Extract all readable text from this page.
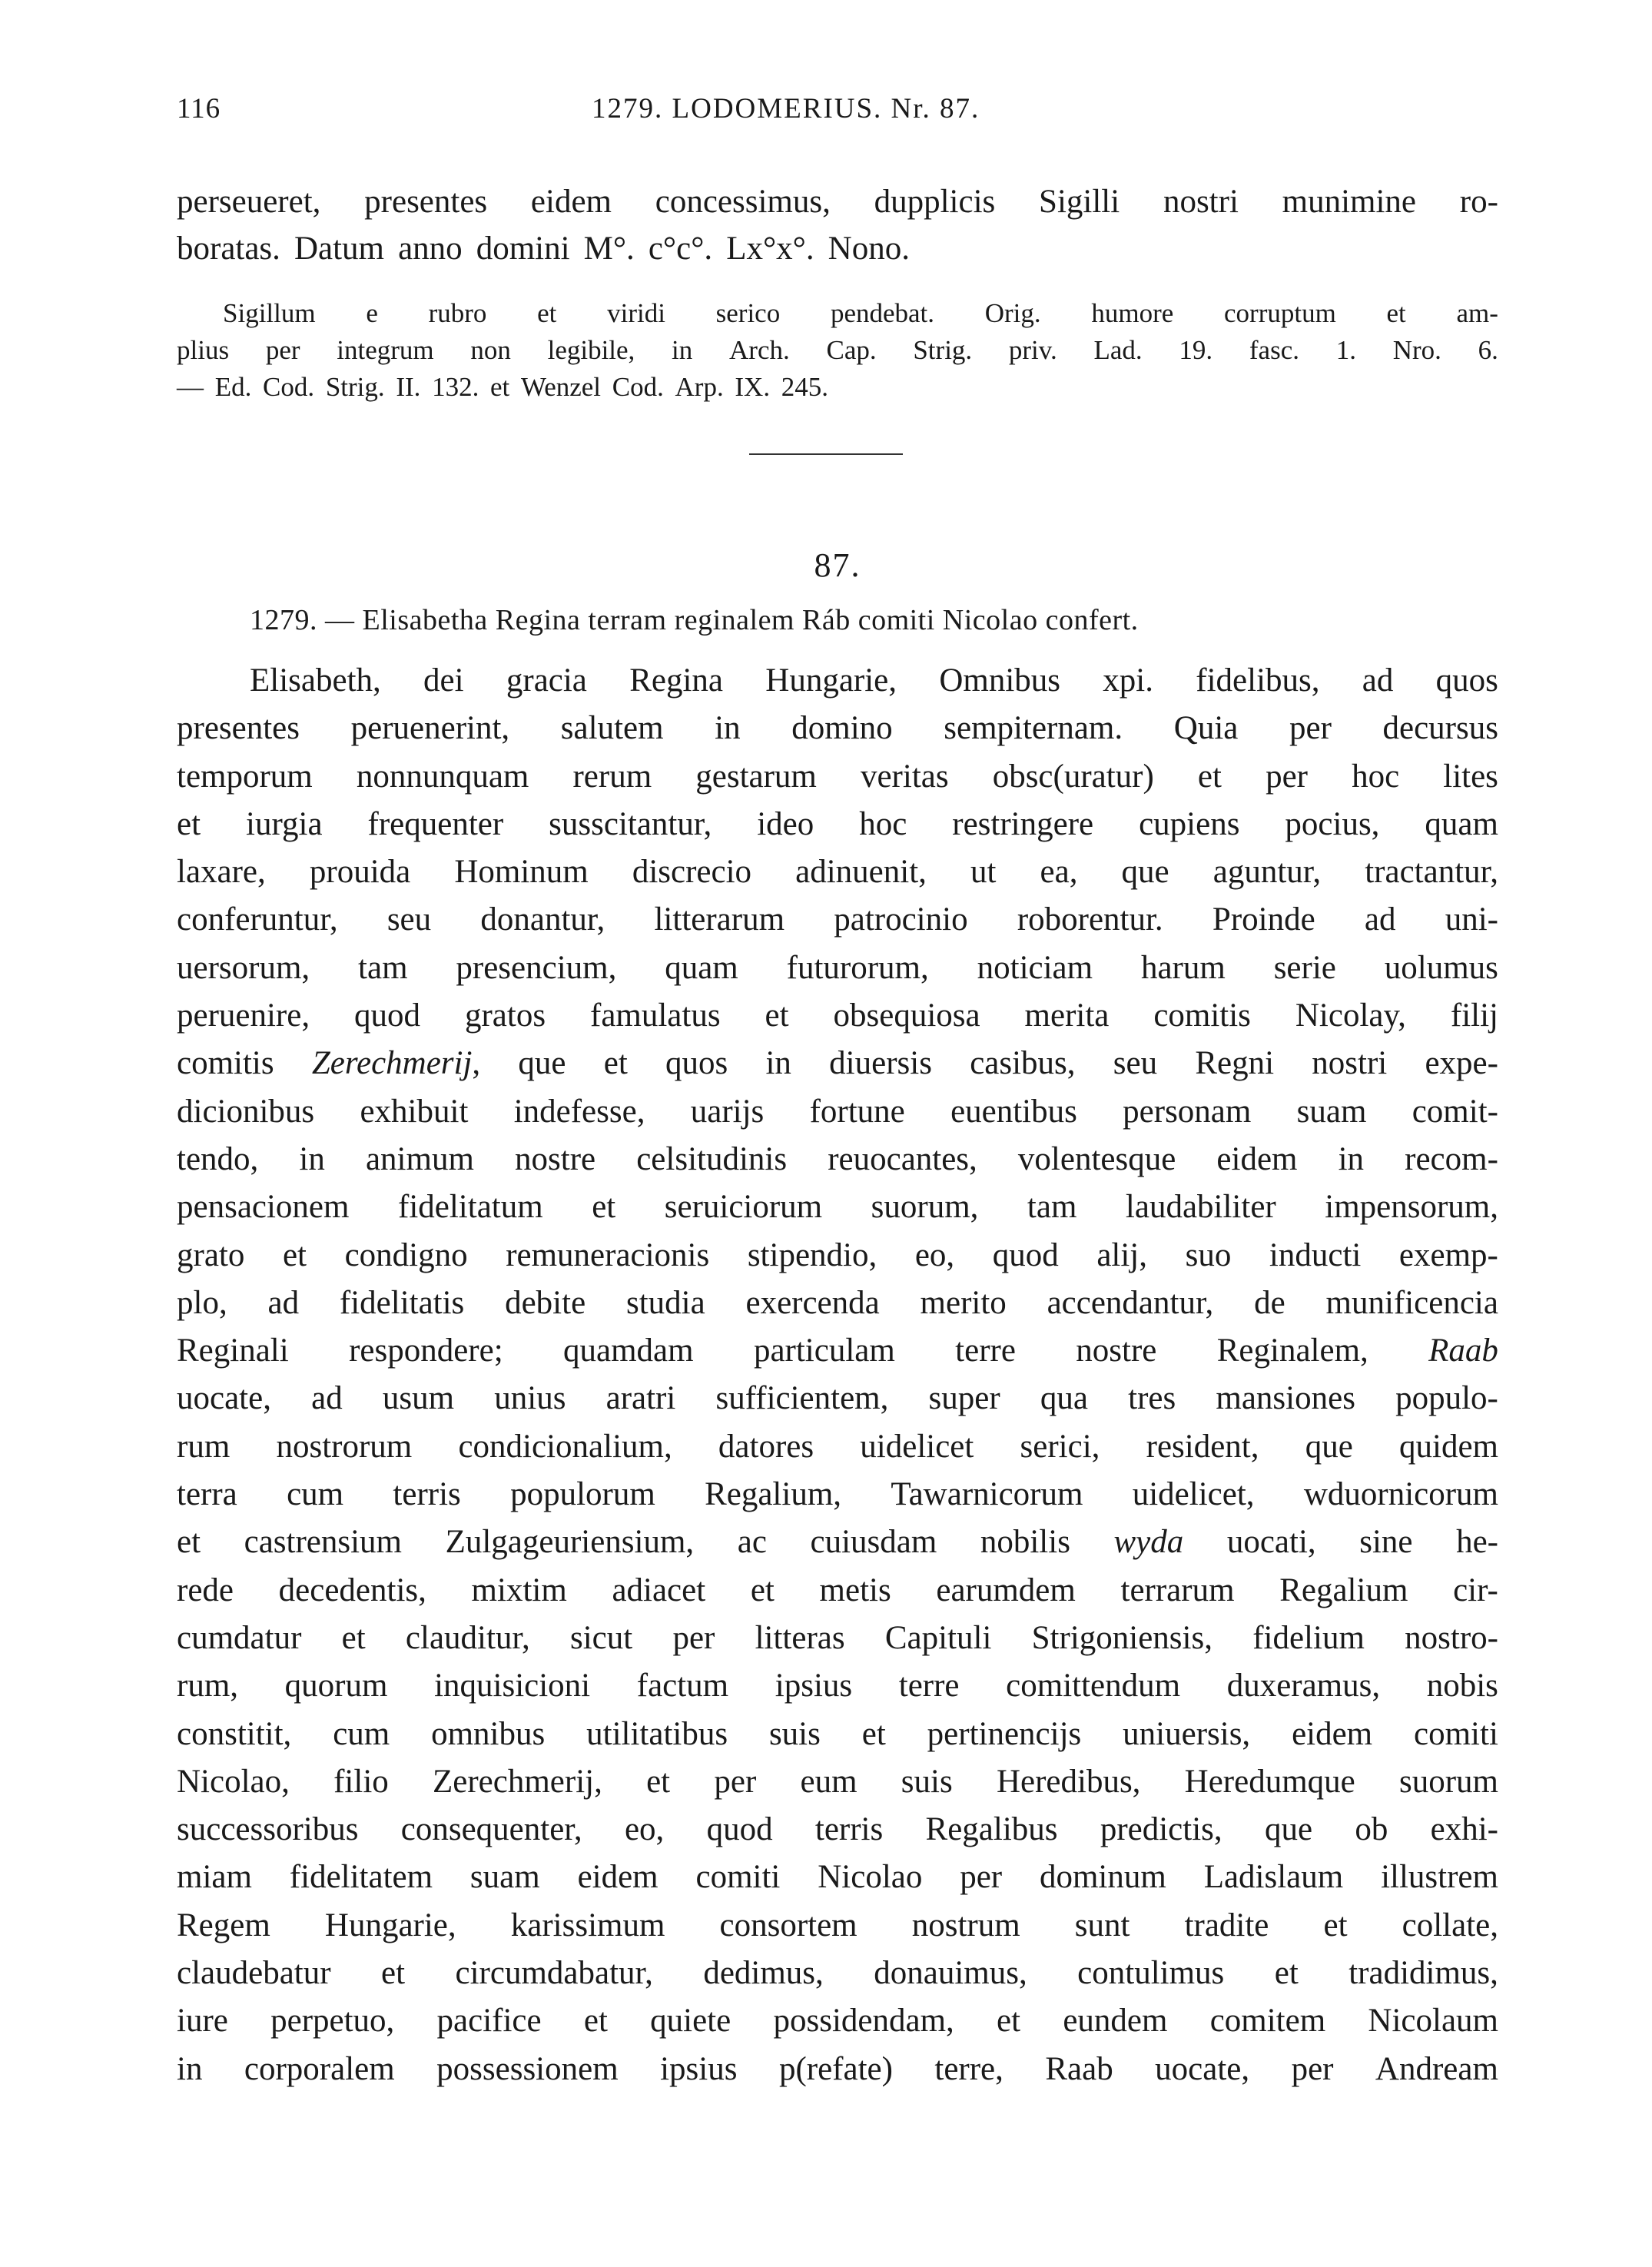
116	1279. LODOMERIUS. Nr. 87.
perseueret, presentes eidem concessimus, dupplicis Sigilli nostri munimine ro-
boratas. Datum anno domini M°. c°c°. Lx°x°. Nono.
Sigillum e rubro et viridi serico pendebat. Orig. humore corruptum et am-
plius per integrum non legibile, in Arch. Cap. Strig. priv. Lad. 19. fasc. 1. Nro. 6.
— Ed. Cod. Strig. II. 132. et Wenzel Cod. Arp. IX. 245.
87.
1279. — Elisabetha Regina terram reginalem Ráb comiti Nicolao confert.
Elisabeth, dei gracia Regina Hungarie, Omnibus xpi. fidelibus, ad quos
presentes peruenerint, salutem in domino sempiternam. Quia per decursus
temporum nonnunquam rerum gestarum veritas obsc(uratur) et per hoc lites
et iurgia frequenter susscitantur, ideo hoc restringere cupiens pocius, quam
laxare, prouida Hominum discrecio adinuenit, ut ea, que aguntur, tractantur,
conferuntur, seu donantur, litterarum patrocinio roborentur. Proinde ad uni-
uersorum, tam presencium, quam futurorum, noticiam harum serie uolumus
peruenire, quod gratos famulatus et obsequiosa merita comitis Nicolay, filij
comitis Zerechmerij, que et quos in diuersis casibus, seu Regni nostri expe-
dicionibus exhibuit indefesse, uarijs fortune euentibus personam suam comit-
tendo, in animum nostre celsitudinis reuocantes, volentesque eidem in recom-
pensacionem fidelitatum et seruiciorum suorum, tam laudabiliter impensorum,
grato et condigno remuneracionis stipendio, eo, quod alij, suo inducti exemp-
plo, ad fidelitatis debite studia exercenda merito accendantur, de munificencia
Reginali respondere; quamdam particulam terre nostre Reginalem, Raab
uocate, ad usum unius aratri sufficientem, super qua tres mansiones populo-
rum nostrorum condicionalium, datores uidelicet serici, resident, que quidem
terra cum terris populorum Regalium, Tawarnicorum uidelicet, wduornicorum
et castrensium Zulgageuriensium, ac cuiusdam nobilis wyda uocati, sine he-
rede decedentis, mixtim adiacet et metis earumdem terrarum Regalium cir-
cumdatur et clauditur, sicut per litteras Capituli Strigoniensis, fidelium nostro-
rum, quorum inquisicioni factum ipsius terre comittendum duxeramus, nobis
constitit, cum omnibus utilitatibus suis et pertinencijs uniuersis, eidem comiti
Nicolao, filio Zerechmerij, et per eum suis Heredibus, Heredumque suorum
successoribus consequenter, eo, quod terris Regalibus predictis, que ob exhi-
miam fidelitatem suam eidem comiti Nicolao per dominum Ladislaum illustrem
Regem Hungarie, karissimum consortem nostrum sunt tradite et collate,
claudebatur et circumdabatur, dedimus, donauimus, contulimus et tradidimus,
iure perpetuo, pacifice et quiete possidendam, et eundem comitem Nicolaum
in corporalem possessionem ipsius p(refate) terre, Raab uocate, per Andream
